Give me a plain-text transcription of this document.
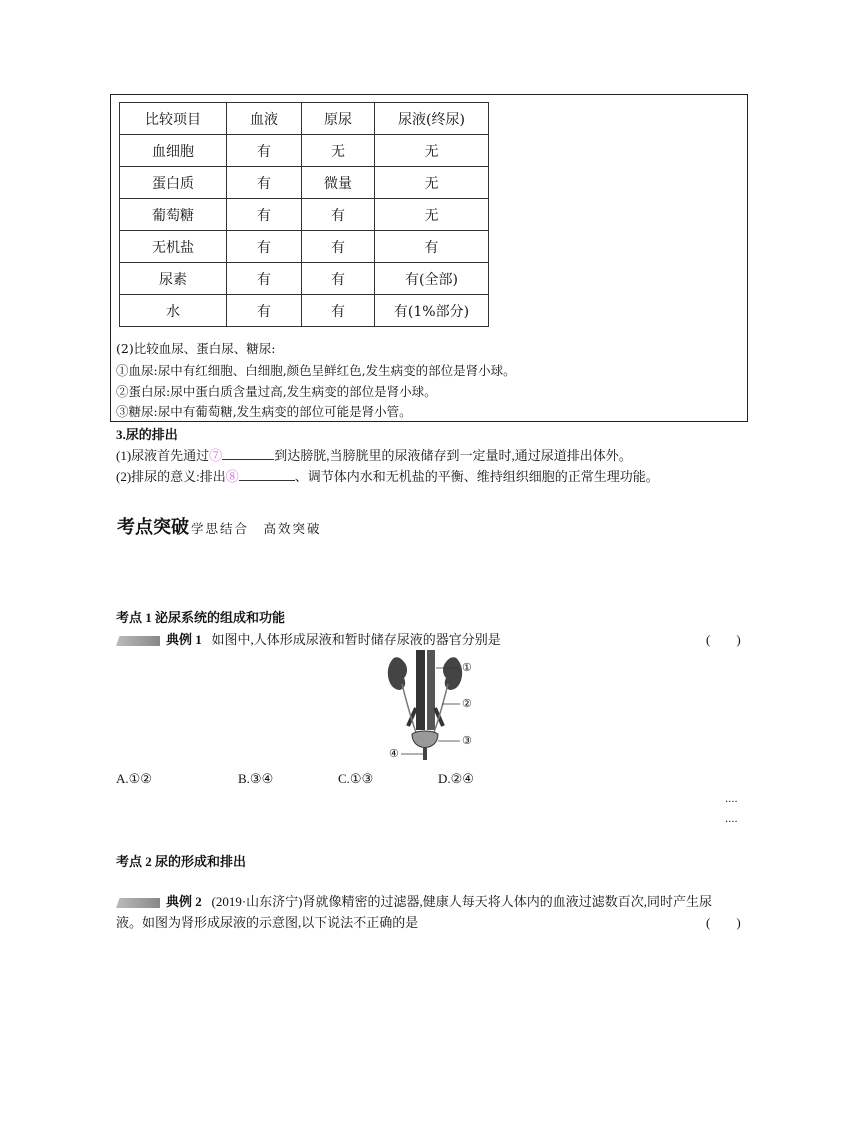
比较项目	血液	原尿	尿液(终尿)
血细胞	有	无	无
蛋白质	有	微量	无
葡萄糖	有	有	无
无机盐	有	有	有
尿素	有	有	有(全部)
水	有	有	有(1%部分)
(2)比较血尿、蛋白尿、糖尿:
①血尿:尿中有红细胞、白细胞,颜色呈鲜红色,发生病变的部位是肾小球。
②蛋白尿:尿中蛋白质含量过高,发生病变的部位是肾小球。
③糖尿:尿中有葡萄糖,发生病变的部位可能是肾小管。
3.尿的排出
(1)尿液首先通过⑦	到达膀胱,当膀胱里的尿液储存到一定量时,通过尿道排出体外。
(2)排尿的意义:排出⑧	、调节体内水和无机盐的平衡、维持组织细胞的正常生理功能。
考点突破 学思结合　高效突破
考点 1 泌尿系统的组成和功能
典例 1 如图中,人体形成尿液和暂时储存尿液的器官分别是	(　　)
①
②
③
④
A.①②	B.③④	C.①③	D.②④
····
····
考点 2 尿的形成和排出
典例 2 (2019·山东济宁)肾就像精密的过滤器,健康人每天将人体内的血液过滤数百次,同时产生尿
液。如图为肾形成尿液的示意图,以下说法不正确的是	(　　)
